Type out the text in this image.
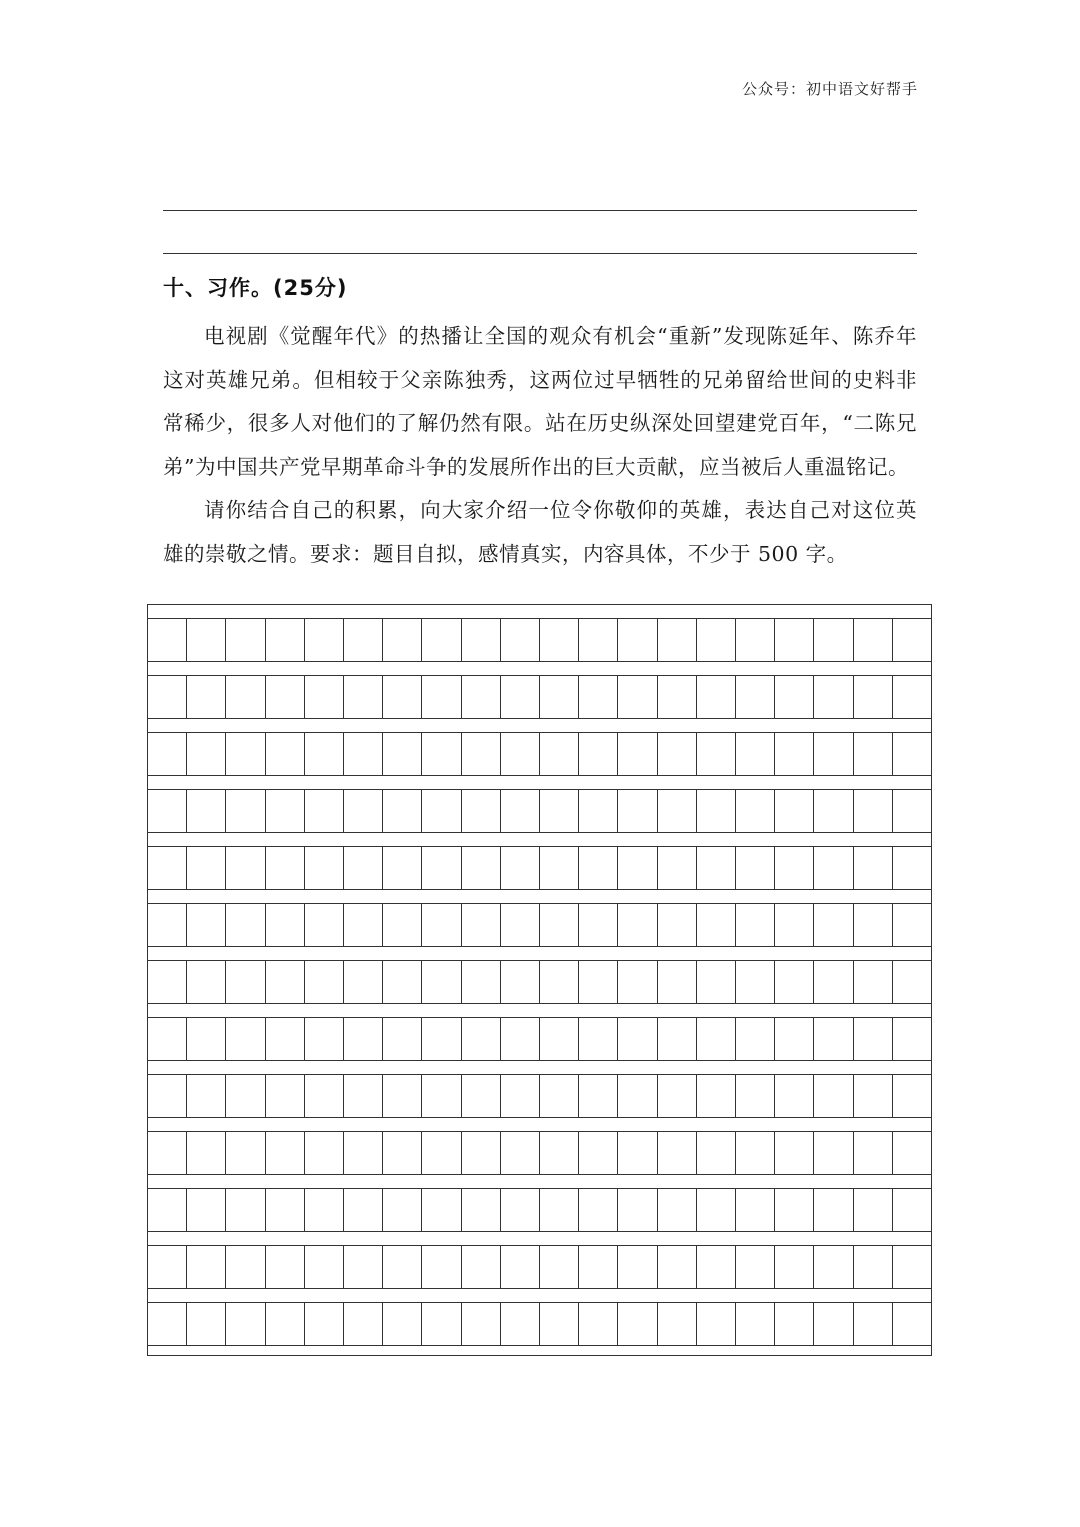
公众号：初中语文好帮手
十、习作。(25分)

电视剧《觉醒年代》的热播让全国的观众有机会“重新”发现陈延年、陈乔年这对英雄兄弟。但相较于父亲陈独秀，这两位过早牺牲的兄弟留给世间的史料非常稀少，很多人对他们的了解仍然有限。站在历史纵深处回望建党百年，“二陈兄弟”为中国共产党早期革命斗争的发展所作出的巨大贡献，应当被后人重温铭记。

请你结合自己的积累，向大家介绍一位令你敬仰的英雄，表达自己对这位英雄的崇敬之情。要求：题目自拟，感情真实，内容具体，不少于 500 字。
